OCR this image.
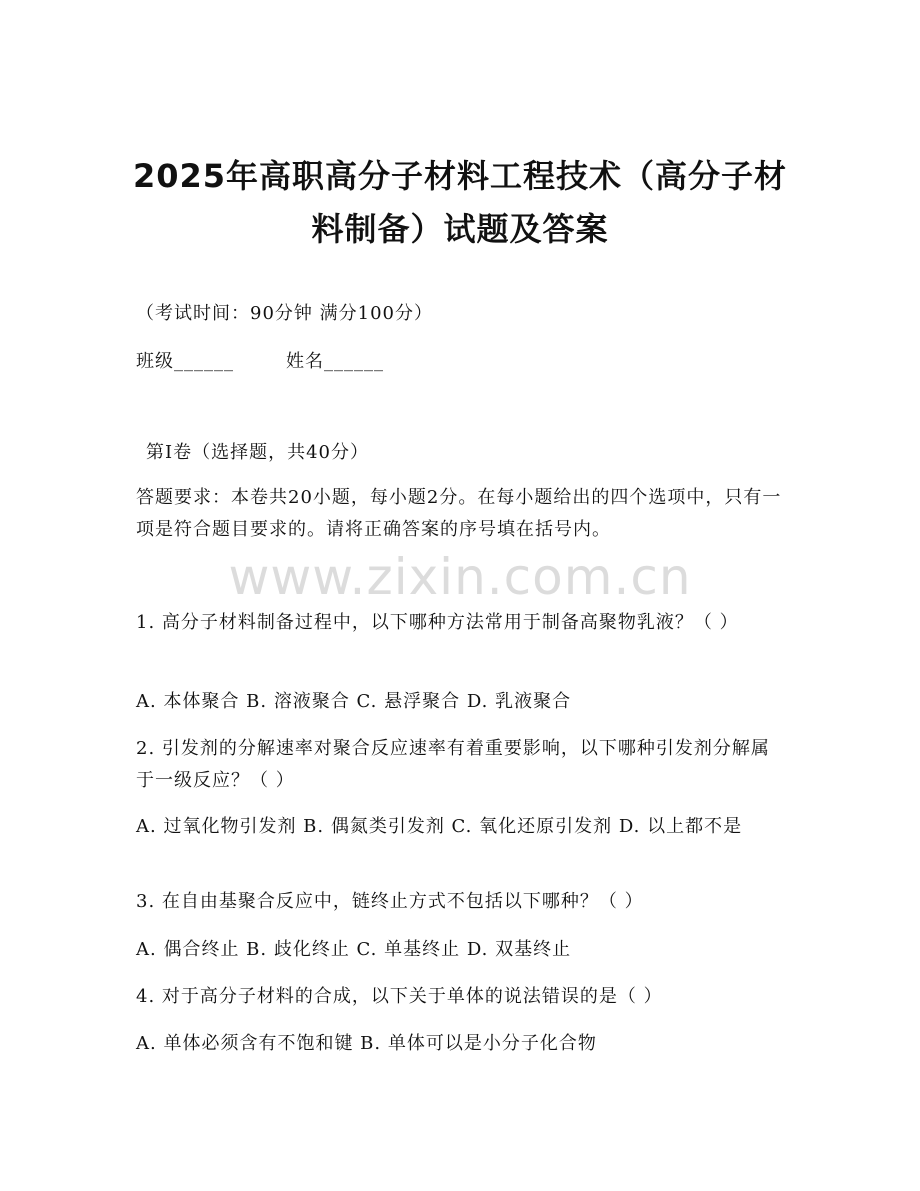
2025年高职高分子材料工程技术（高分子材料制备）试题及答案
（考试时间：90分钟 满分100分）
班级______	姓名______
第I卷（选择题，共40分）
答题要求：本卷共20小题，每小题2分。在每小题给出的四个选项中，只有一项是符合题目要求的。请将正确答案的序号填在括号内。
www.zixin.com.cn
1. 高分子材料制备过程中，以下哪种方法常用于制备高聚物乳液？（ ）
A. 本体聚合 B. 溶液聚合 C. 悬浮聚合 D. 乳液聚合
2. 引发剂的分解速率对聚合反应速率有着重要影响，以下哪种引发剂分解属于一级反应？（ ）
A. 过氧化物引发剂 B. 偶氮类引发剂 C. 氧化还原引发剂 D. 以上都不是
3. 在自由基聚合反应中，链终止方式不包括以下哪种？（ ）
A. 偶合终止 B. 歧化终止 C. 单基终止 D. 双基终止
4. 对于高分子材料的合成，以下关于单体的说法错误的是（ ）
A. 单体必须含有不饱和键 B. 单体可以是小分子化合物
